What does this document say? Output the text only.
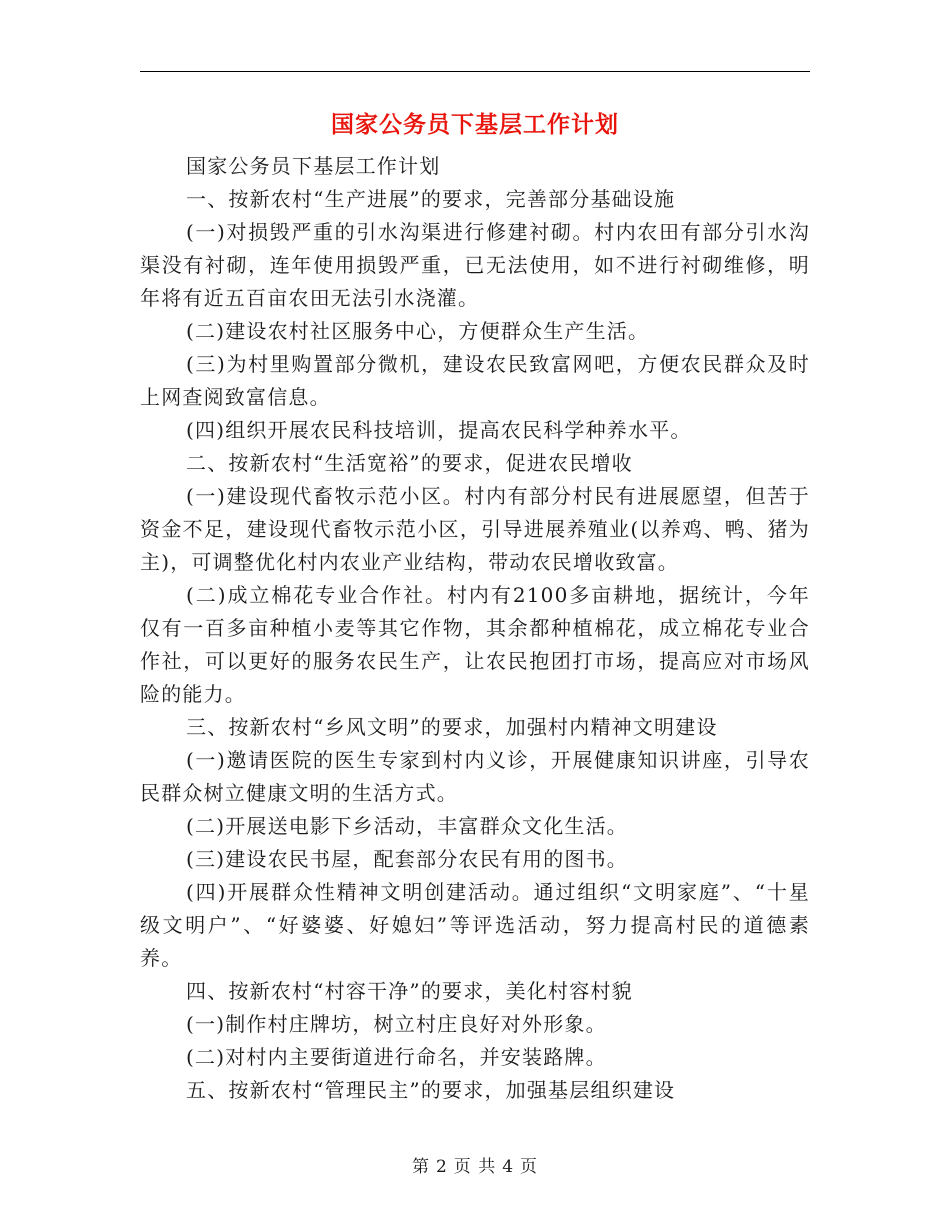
国家公务员下基层工作计划

国家公务员下基层工作计划

一、按新农村“生产进展”的要求，完善部分基础设施

(一)对损毁严重的引水沟渠进行修建衬砌。村内农田有部分引水沟渠没有衬砌，连年使用损毁严重，已无法使用，如不进行衬砌维修，明年将有近五百亩农田无法引水浇灌。

(二)建设农村社区服务中心，方便群众生产生活。

(三)为村里购置部分微机，建设农民致富网吧，方便农民群众及时上网查阅致富信息。

(四)组织开展农民科技培训，提高农民科学种养水平。

二、按新农村“生活宽裕”的要求，促进农民增收

(一)建设现代畜牧示范小区。村内有部分村民有进展愿望，但苦于资金不足，建设现代畜牧示范小区，引导进展养殖业(以养鸡、鸭、猪为主)，可调整优化村内农业产业结构，带动农民增收致富。

(二)成立棉花专业合作社。村内有2100多亩耕地，据统计，今年仅有一百多亩种植小麦等其它作物，其余都种植棉花，成立棉花专业合作社，可以更好的服务农民生产，让农民抱团打市场，提高应对市场风险的能力。

三、按新农村“乡风文明”的要求，加强村内精神文明建设

(一)邀请医院的医生专家到村内义诊，开展健康知识讲座，引导农民群众树立健康文明的生活方式。

(二)开展送电影下乡活动，丰富群众文化生活。

(三)建设农民书屋，配套部分农民有用的图书。

(四)开展群众性精神文明创建活动。通过组织“文明家庭”、“十星级文明户”、“好婆婆、好媳妇”等评选活动，努力提高村民的道德素养。

四、按新农村“村容干净”的要求，美化村容村貌

(一)制作村庄牌坊，树立村庄良好对外形象。

(二)对村内主要街道进行命名，并安装路牌。

五、按新农村“管理民主”的要求，加强基层组织建设

第 2 页 共 4 页
